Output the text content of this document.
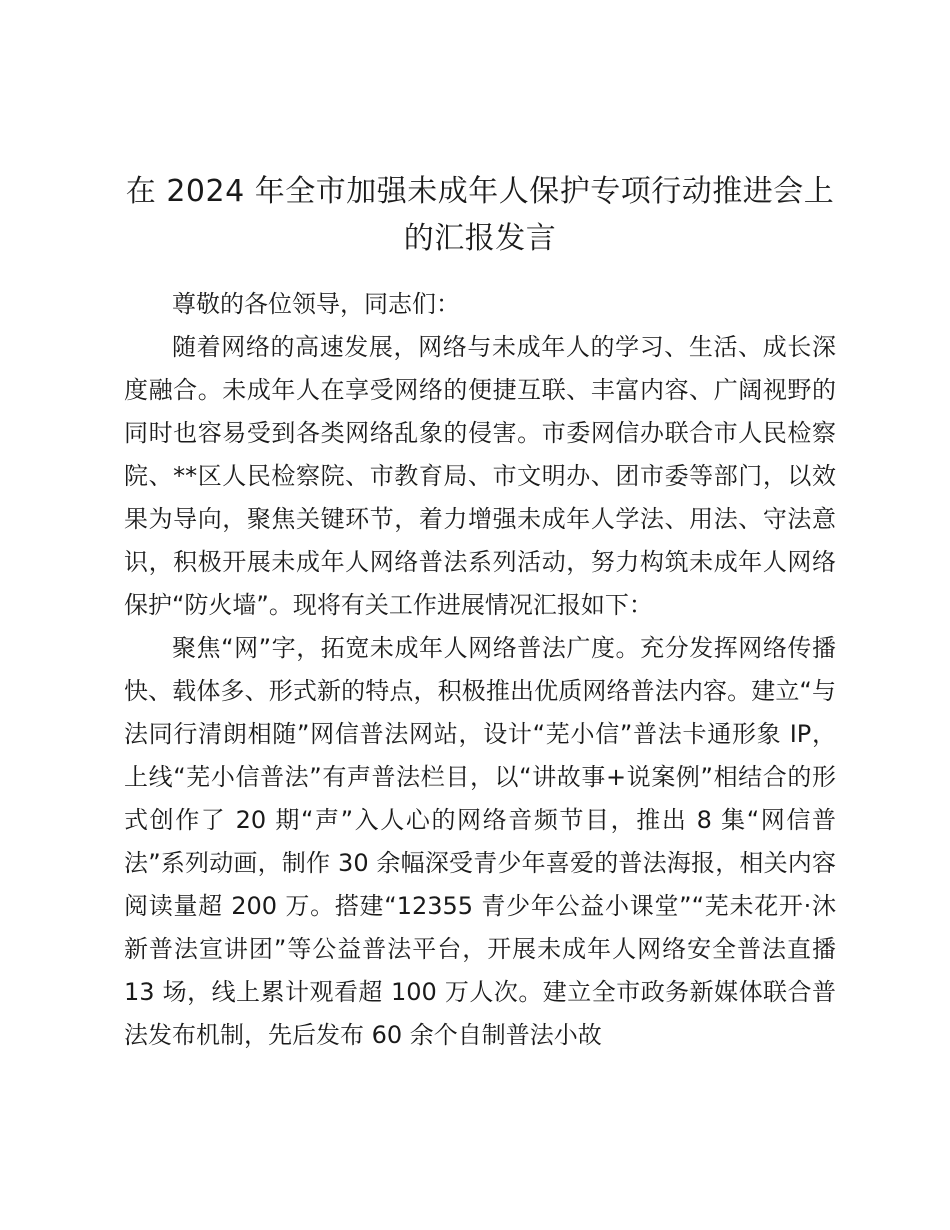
在 2024 年全市加强未成年人保护专项行动推进会上的汇报发言

尊敬的各位领导，同志们：

随着网络的高速发展，网络与未成年人的学习、生活、成长深度融合。未成年人在享受网络的便捷互联、丰富内容、广阔视野的同时也容易受到各类网络乱象的侵害。市委网信办联合市人民检察院、**区人民检察院、市教育局、市文明办、团市委等部门，以效果为导向，聚焦关键环节，着力增强未成年人学法、用法、守法意识，积极开展未成年人网络普法系列活动，努力构筑未成年人网络保护“防火墙”。现将有关工作进展情况汇报如下：

聚焦“网”字，拓宽未成年人网络普法广度。充分发挥网络传播快、载体多、形式新的特点，积极推出优质网络普法内容。建立“与法同行清朗相随”网信普法网站，设计“芜小信”普法卡通形象 IP，上线“芜小信普法”有声普法栏目，以“讲故事+说案例”相结合的形式创作了 20 期“声”入人心的网络音频节目，推出 8 集“网信普法”系列动画，制作 30 余幅深受青少年喜爱的普法海报，相关内容阅读量超 200 万。搭建“12355 青少年公益小课堂”“芜未花开·沐新普法宣讲团”等公益普法平台，开展未成年人网络安全普法直播 13 场，线上累计观看超 100 万人次。建立全市政务新媒体联合普法发布机制，先后发布 60 余个自制普法小故
